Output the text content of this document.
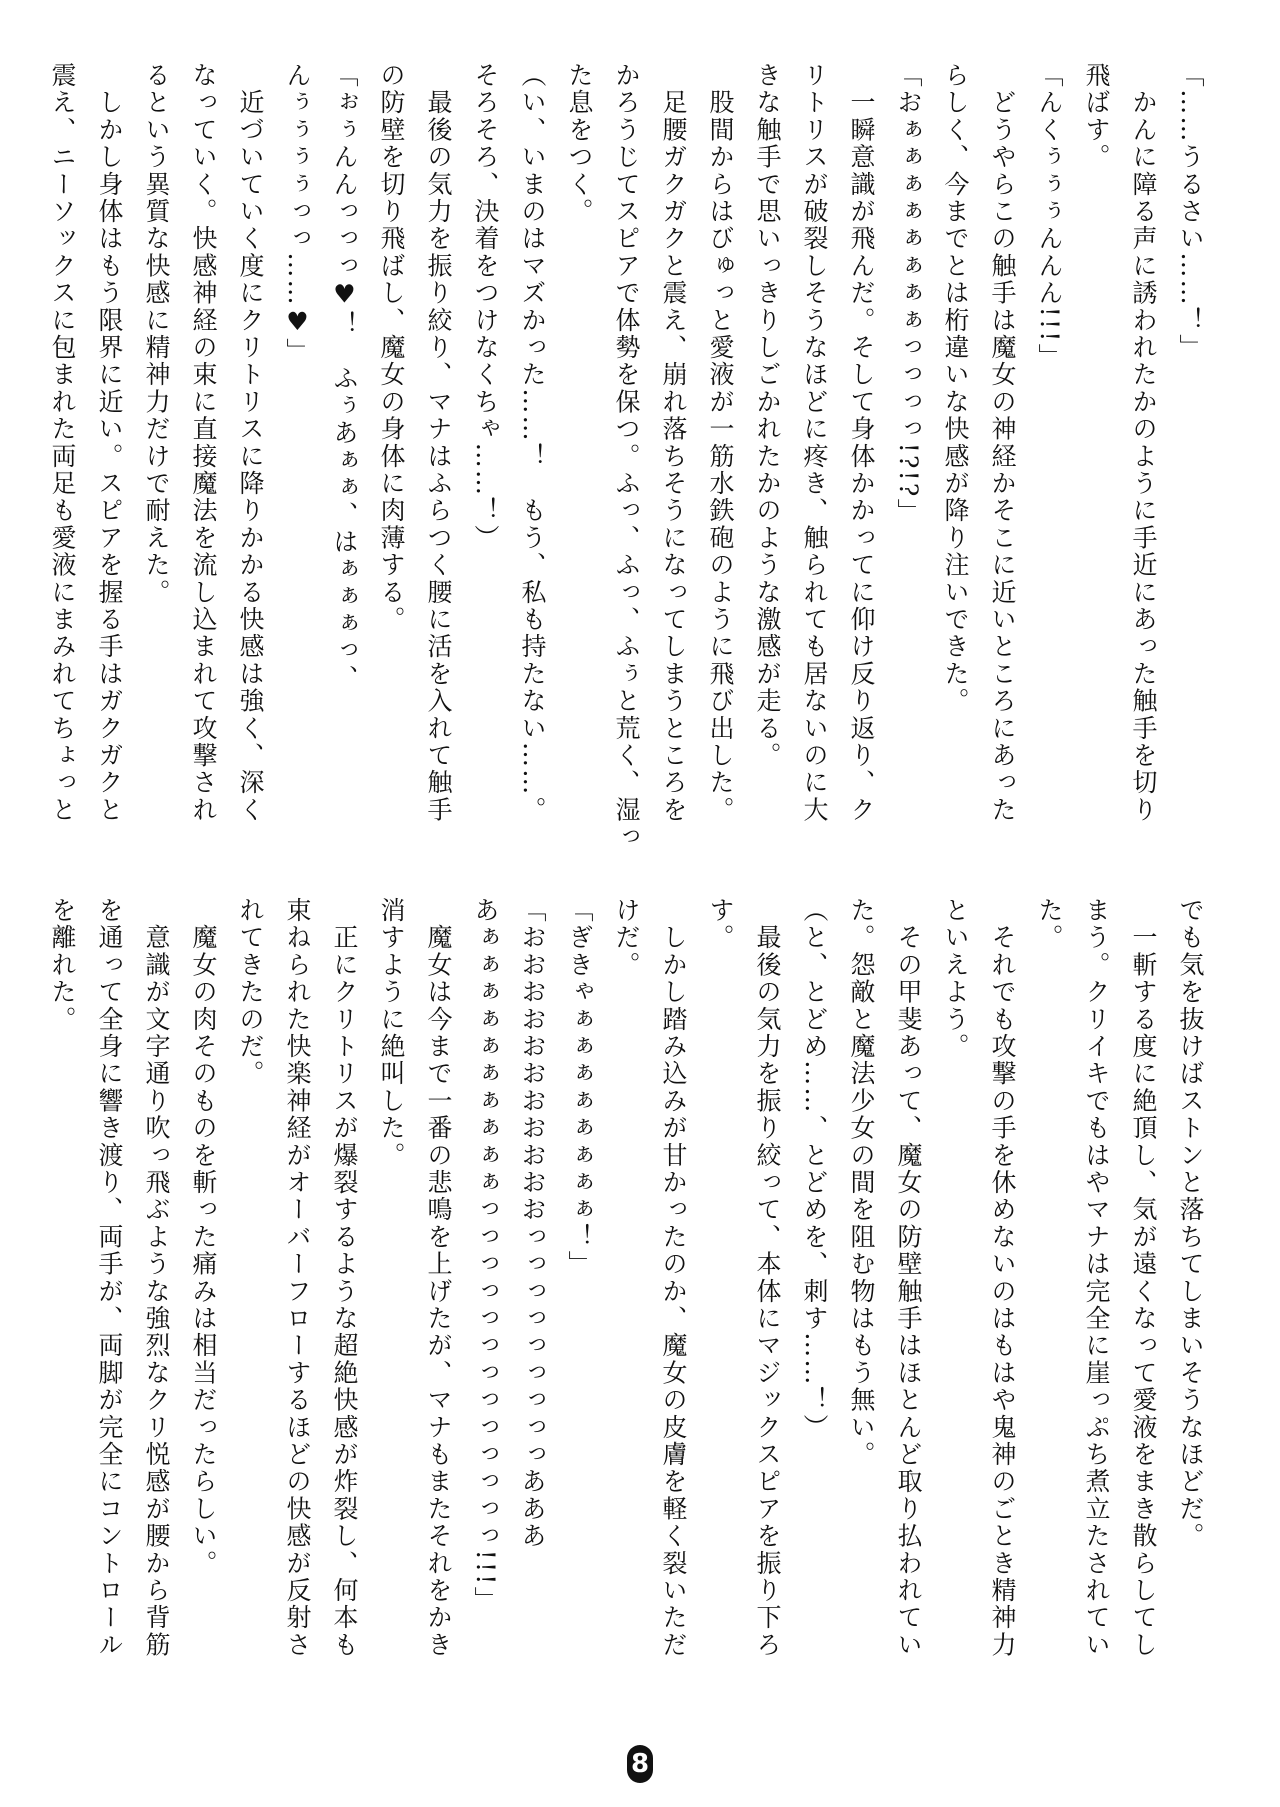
「……うるさい……！」
　かんに障る声に誘われたかのように手近にあった触手を切り
飛ばす。
「んくぅぅぅんんん!!!」
　どうやらこの触手は魔女の神経かそこに近いところにあった
らしく、今までとは桁違いな快感が降り注いできた。
「おぁぁぁぁぁぁぁぁっっっっ!?!?」
　一瞬意識が飛んだ。そして身体かかってに仰け反り返り、ク
リトリスが破裂しそうなほどに疼き、触られても居ないのに大
きな触手で思いっきりしごかれたかのような激感が走る。
　股間からはびゅっと愛液が一筋水鉄砲のように飛び出した。
　足腰ガクガクと震え、崩れ落ちそうになってしまうところを
かろうじてスピアで体勢を保つ。ふっ、ふっ、ふぅと荒く、湿っ
た息をつく。
（い、いまのはマズかった……！　もう、私も持たない……。
そろそろ、決着をつけなくちゃ……！）
　最後の気力を振り絞り、マナはふらつく腰に活を入れて触手
の防壁を切り飛ばし、魔女の身体に肉薄する。
「ぉぅんんっっっ♥！　ふぅあぁぁ、はぁぁぁっ、
んぅぅぅぅっっ……♥」
　近づいていく度にクリトリスに降りかかる快感は強く、深く
なっていく。快感神経の束に直接魔法を流し込まれて攻撃され
るという異質な快感に精神力だけで耐えた。
　しかし身体はもう限界に近い。スピアを握る手はガクガクと
震え、ニーソックスに包まれた両足も愛液にまみれてちょっと
でも気を抜けばストンと落ちてしまいそうなほどだ。
　一斬する度に絶頂し、気が遠くなって愛液をまき散らしてし
まう。クリイキでもはやマナは完全に崖っぷち煮立たされてい
た。
　それでも攻撃の手を休めないのはもはや鬼神のごとき精神力
といえよう。
　その甲斐あって、魔女の防壁触手はほとんど取り払われてい
た。怨敵と魔法少女の間を阻む物はもう無い。
（と、とどめ……、とどめを、刺す……！）
　最後の気力を振り絞って、本体にマジックスピアを振り下ろ
す。
　しかし踏み込みが甘かったのか、魔女の皮膚を軽く裂いただ
けだ。
「ぎきゃぁぁぁぁぁぁぁぁ！」
「おおおおおおおおおおおっっっっっっっっっあああ
あぁぁぁぁぁぁぁぁぁぁっっっっっっっっっっっっっ!!!」
　魔女は今まで一番の悲鳴を上げたが、マナもまたそれをかき
消すように絶叫した。
　正にクリトリスが爆裂するような超絶快感が炸裂し、何本も
束ねられた快楽神経がオーバーフローするほどの快感が反射さ
れてきたのだ。
　魔女の肉そのものを斬った痛みは相当だったらしい。
　意識が文字通り吹っ飛ぶような強烈なクリ悦感が腰から背筋
を通って全身に響き渡り、両手が、両脚が完全にコントロール
を離れた。
8
